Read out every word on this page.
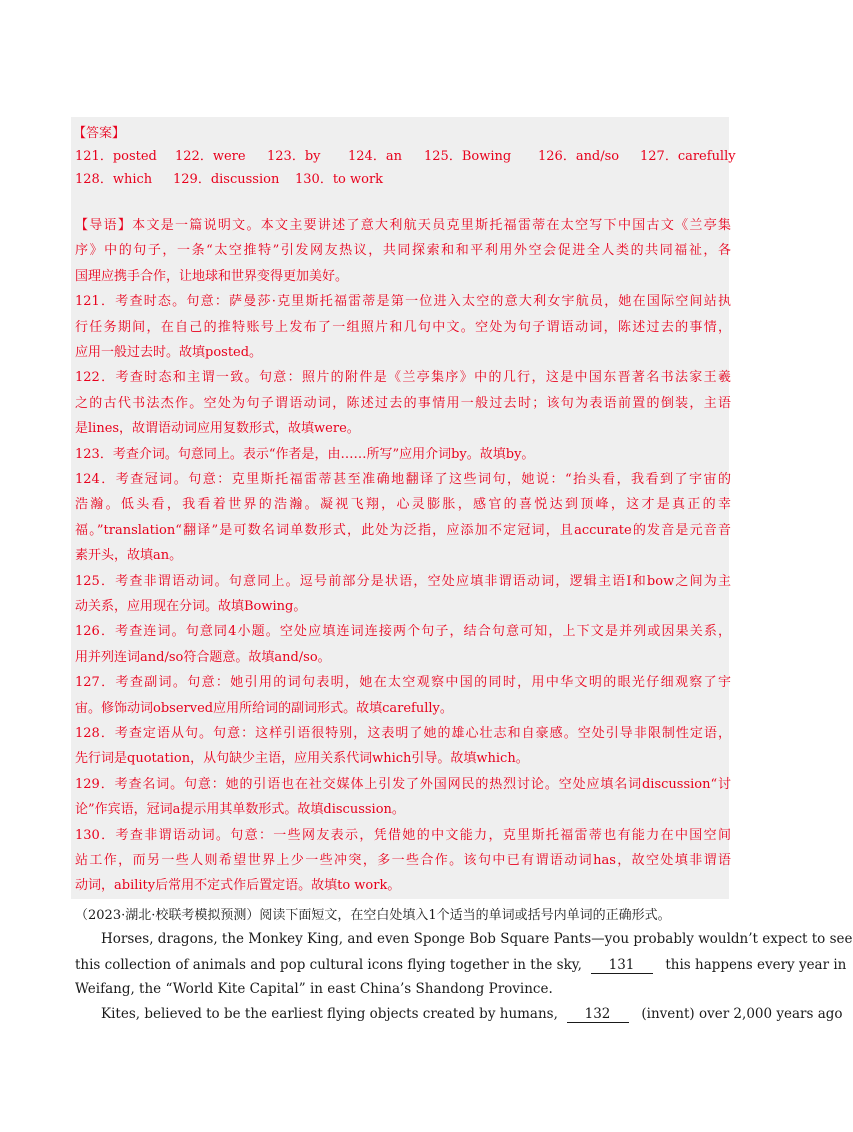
【答案】
121．posted 122．were 123．by 124．an 125．Bowing 126．and/so 127．carefully
128．which 129．discussion 130．to work
【导语】本文是一篇说明文。本文主要讲述了意大利航天员克里斯托福雷蒂在太空写下中国古文《兰亭集
序》中的句子，一条“太空推特”引发网友热议，共同探索和和平利用外空会促进全人类的共同福祉，各
国理应携手合作，让地球和世界变得更加美好。
121．考查时态。句意：萨曼莎·克里斯托福雷蒂是第一位进入太空的意大利女宇航员，她在国际空间站执
行任务期间，在自己的推特账号上发布了一组照片和几句中文。空处为句子谓语动词，陈述过去的事情，
应用一般过去时。故填posted。
122．考查时态和主谓一致。句意：照片的附件是《兰亭集序》中的几行，这是中国东晋著名书法家王羲
之的古代书法杰作。空处为句子谓语动词，陈述过去的事情用一般过去时；该句为表语前置的倒装，主语
是lines，故谓语动词应用复数形式，故填were。
123．考查介词。句意同上。表示“作者是，由……所写”应用介词by。故填by。
124．考查冠词。句意：克里斯托福雷蒂甚至准确地翻译了这些词句，她说：“抬头看，我看到了宇宙的
浩瀚。低头看，我看着世界的浩瀚。凝视飞翔，心灵膨胀，感官的喜悦达到顶峰，这才是真正的幸
福。”translation“翻译”是可数名词单数形式，此处为泛指，应添加不定冠词，且accurate的发音是元音音
素开头，故填an。
125．考查非谓语动词。句意同上。逗号前部分是状语，空处应填非谓语动词，逻辑主语I和bow之间为主
动关系，应用现在分词。故填Bowing。
126．考查连词。句意同4小题。空处应填连词连接两个句子，结合句意可知，上下文是并列或因果关系，
用并列连词and/so符合题意。故填and/so。
127．考查副词。句意：她引用的词句表明，她在太空观察中国的同时，用中华文明的眼光仔细观察了宇
宙。修饰动词observed应用所给词的副词形式。故填carefully。
128．考查定语从句。句意：这样引语很特别，这表明了她的雄心壮志和自豪感。空处引导非限制性定语，
先行词是quotation，从句缺少主语，应用关系代词which引导。故填which。
129．考查名词。句意：她的引语也在社交媒体上引发了外国网民的热烈讨论。空处应填名词discussion“讨
论”作宾语，冠词a提示用其单数形式。故填discussion。
130．考查非谓语动词。句意：一些网友表示，凭借她的中文能力，克里斯托福雷蒂也有能力在中国空间
站工作，而另一些人则希望世界上少一些冲突，多一些合作。该句中已有谓语动词has，故空处填非谓语
动词，ability后常用不定式作后置定语。故填to work。
（2023·湖北·校联考模拟预测）阅读下面短文，在空白处填入1个适当的单词或括号内单词的正确形式。
Horses, dragons, the Monkey King, and even Sponge Bob Square Pants—you probably wouldn’t expect to see
this collection of animals and pop cultural icons flying together in the sky, 131 this happens every year in
Weifang, the “World Kite Capital” in east China’s Shandong Province.
Kites, believed to be the earliest flying objects created by humans, 132 (invent) over 2,000 years ago
